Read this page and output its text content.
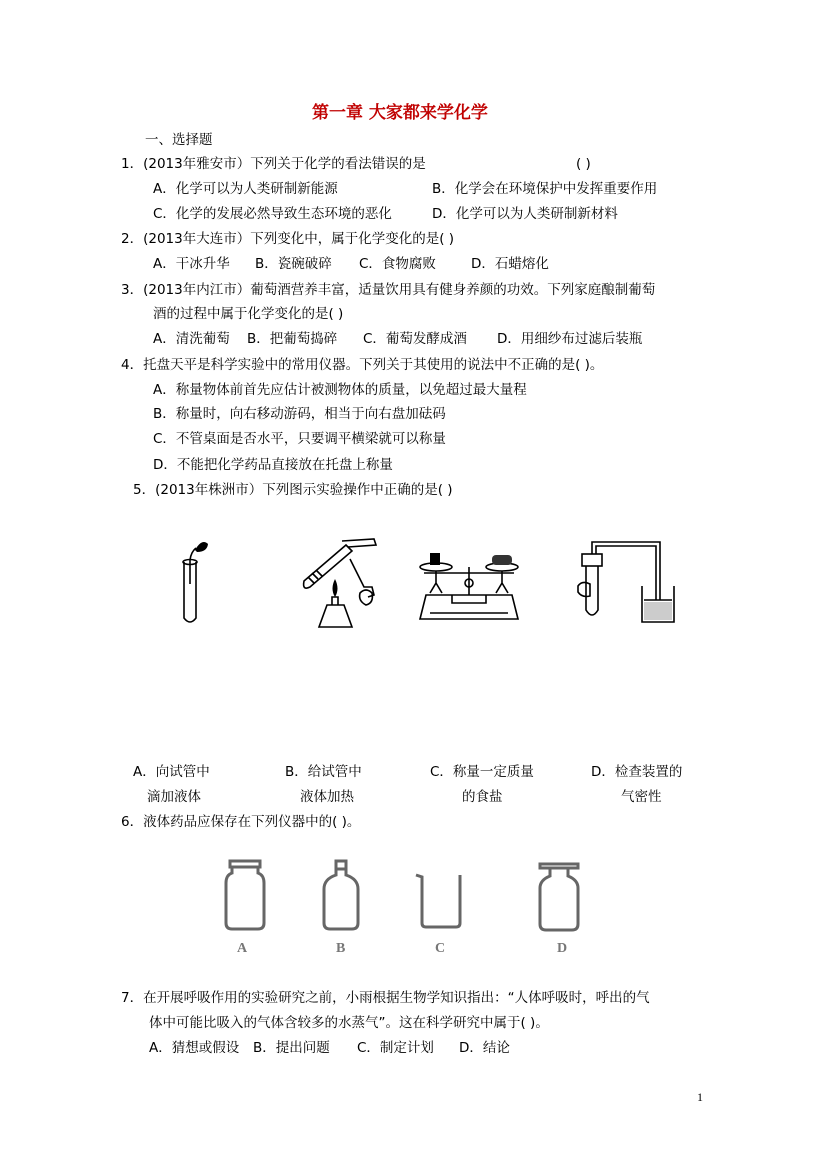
第一章 大家都来学化学
一、选择题
1．(2013年雅安市）下列关于化学的看法错误的是	( )
A．化学可以为人类研制新能源	B．化学会在环境保护中发挥重要作用
C．化学的发展必然导致生态环境的恶化	D．化学可以为人类研制新材料
2．(2013年大连市）下列变化中，属于化学变化的是( )
A．干冰升华 B．瓷碗破碎 C．食物腐败	D．石蜡熔化
3．(2013年内江市）葡萄酒营养丰富，适量饮用具有健身养颜的功效。下列家庭酿制葡萄
酒的过程中属于化学变化的是( )
A．清洗葡萄 B．把葡萄捣碎 C．葡萄发酵成酒 D．用细纱布过滤后装瓶
4．托盘天平是科学实验中的常用仪器。下列关于其使用的说法中不正确的是( )。
A．称量物体前首先应估计被测物体的质量，以免超过最大量程
B．称量时，向右移动游码，相当于向右盘加砝码
C．不管桌面是否水平，只要调平横梁就可以称量
D．不能把化学药品直接放在托盘上称量
5．(2013年株洲市）下列图示实验操作中正确的是( )
A．向试管中
滴加液体
B．给试管中
液体加热
C．称量一定质量
的食盐
D．检查装置的
气密性
6．液体药品应保存在下列仪器中的( )。
A	B	C	D
7．在开展呼吸作用的实验研究之前，小雨根据生物学知识指出：“人体呼吸时，呼出的气
体中可能比吸入的气体含较多的水蒸气”。这在科学研究中属于( )。
A．猜想或假设 B．提出问题 C．制定计划 D．结论
1
